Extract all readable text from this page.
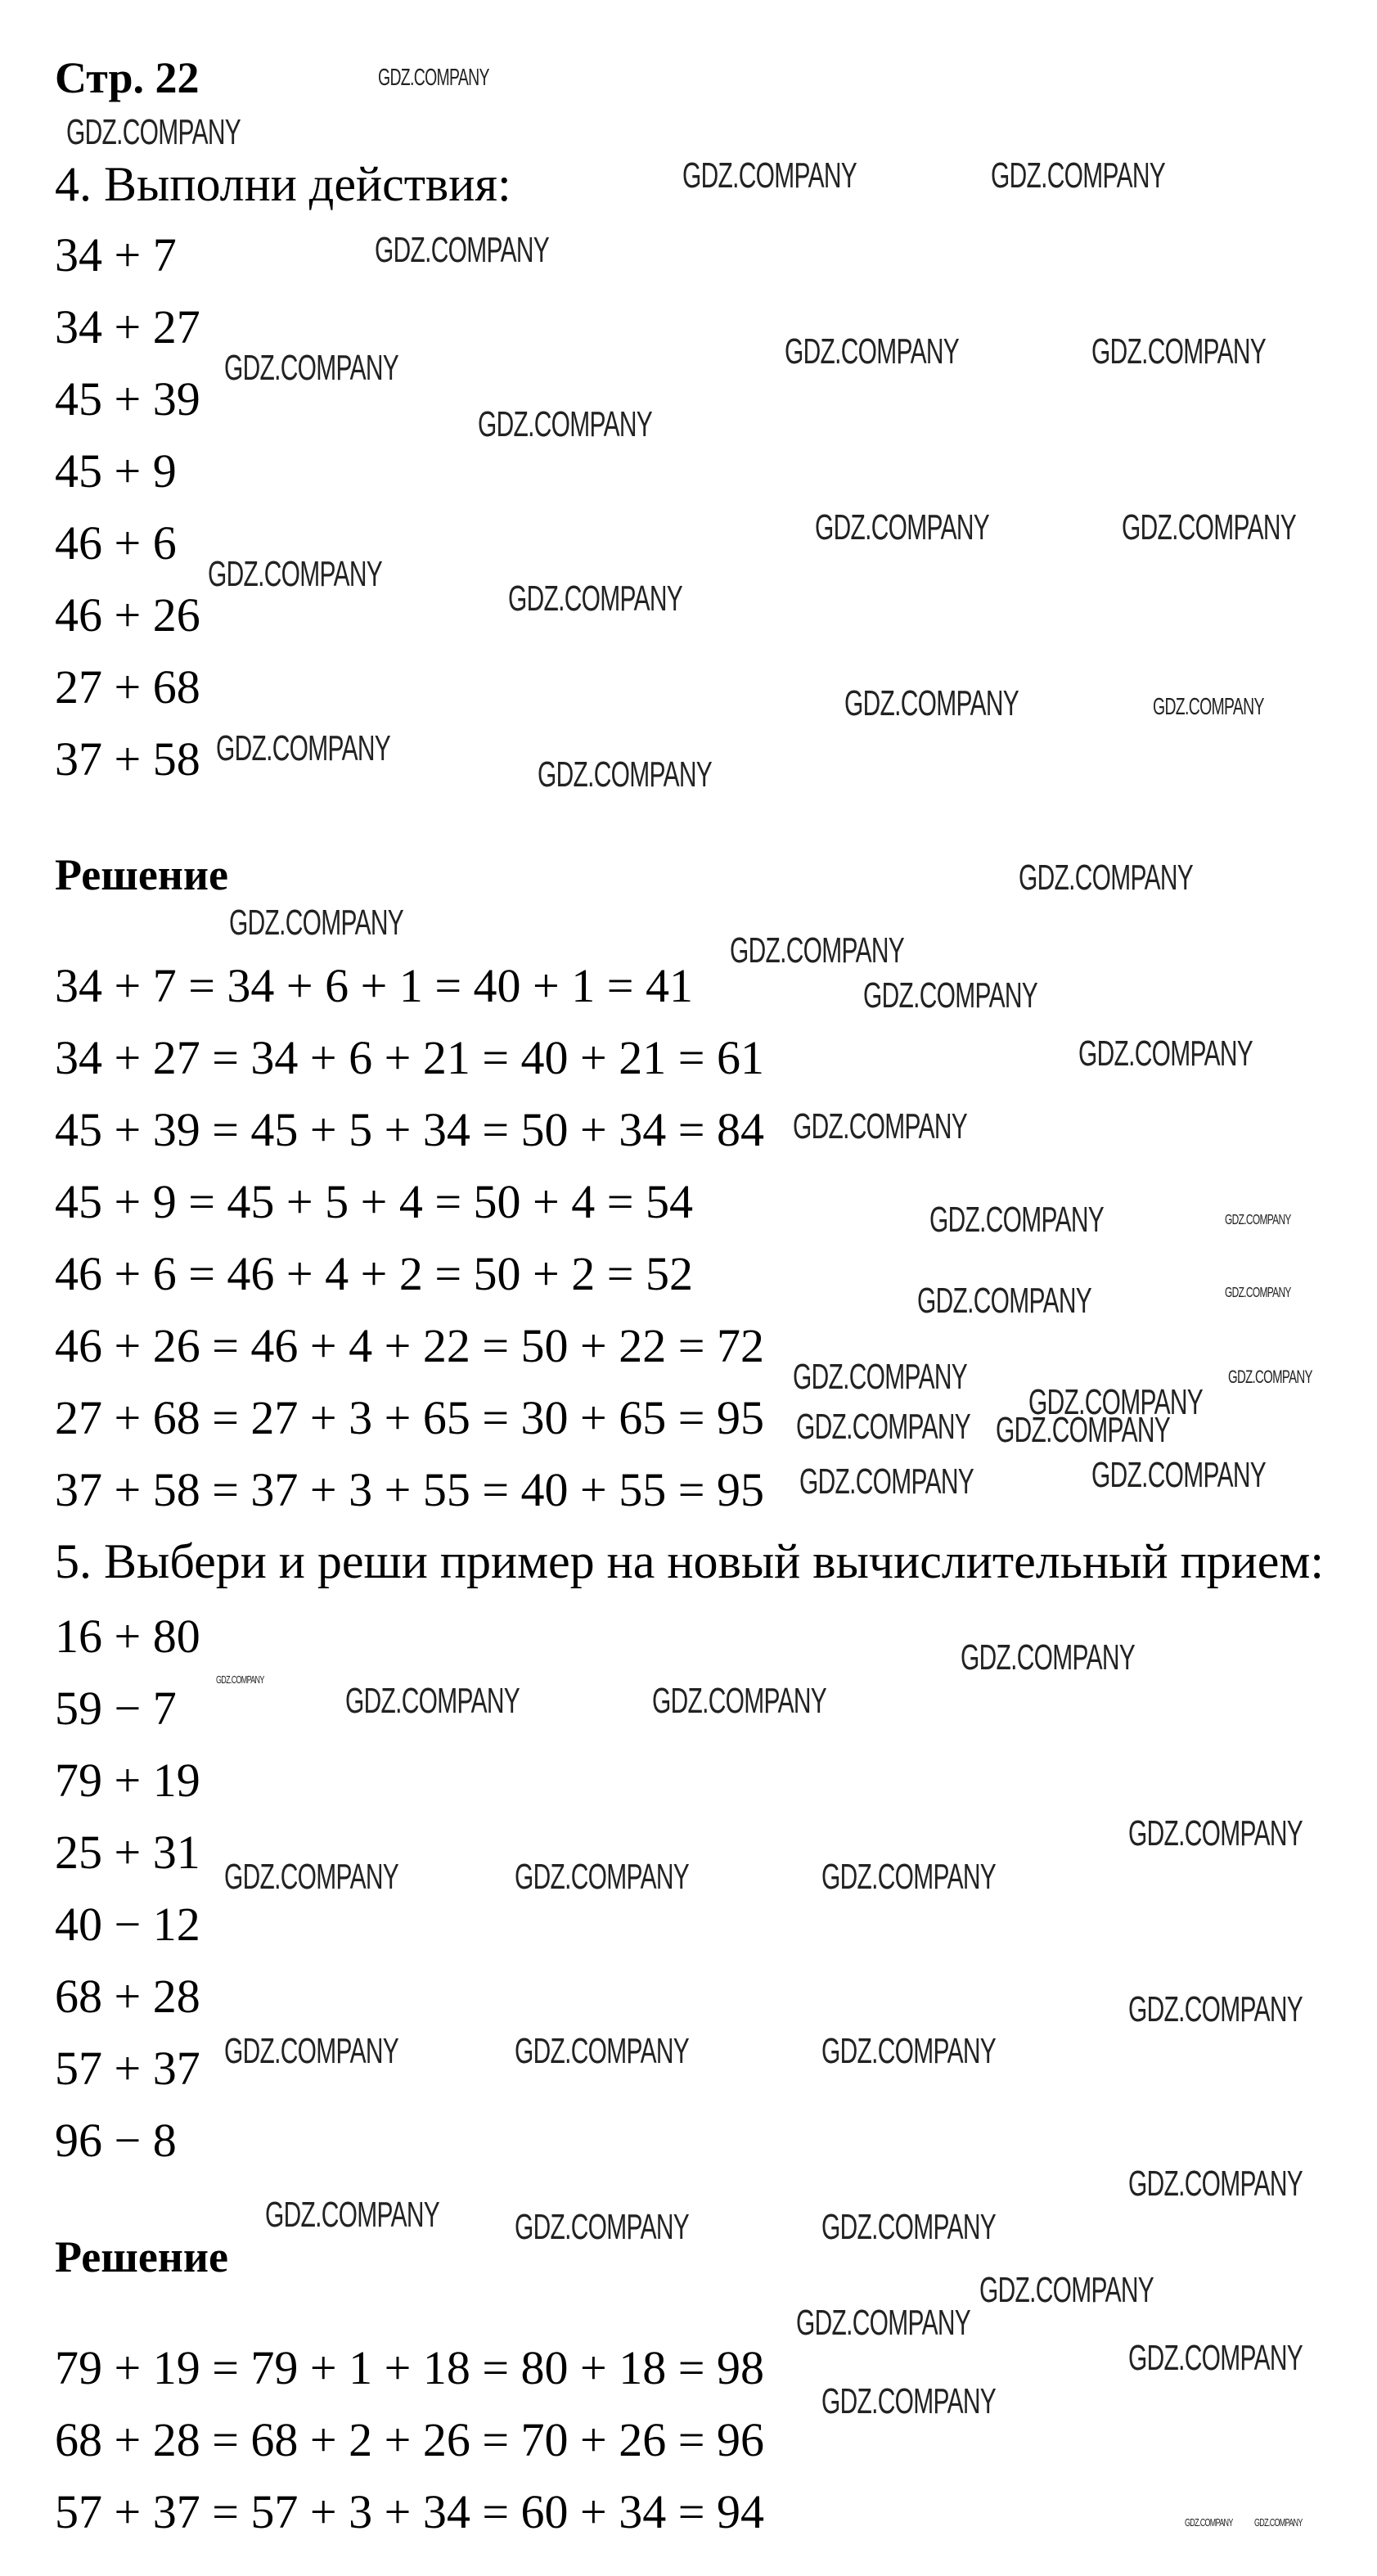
Стр. 22
4. Выполни действия:
34 + 7
34 + 27
45 + 39
45 + 9
46 + 6
46 + 26
27 + 68
37 + 58
Решение
34 + 7 = 34 + 6 + 1 = 40 + 1 = 41
34 + 27 = 34 + 6 + 21 = 40 + 21 = 61
45 + 39 = 45 + 5 + 34 = 50 + 34 = 84
45 + 9 = 45 + 5 + 4 = 50 + 4 = 54
46 + 6 = 46 + 4 + 2 = 50 + 2 = 52
46 + 26 = 46 + 4 + 22 = 50 + 22 = 72
27 + 68 = 27 + 3 + 65 = 30 + 65 = 95
37 + 58 = 37 + 3 + 55 = 40 + 55 = 95
5. Выбери и реши пример на новый вычислительный прием:
16 + 80
59 − 7
79 + 19
25 + 31
40 − 12
68 + 28
57 + 37
96 − 8
Решение
79 + 19 = 79 + 1 + 18 = 80 + 18 = 98
68 + 28 = 68 + 2 + 26 = 70 + 26 = 96
57 + 37 = 57 + 3 + 34 = 60 + 34 = 94
GDZ.COMPANY
GDZ.COMPANY
GDZ.COMPANY	GDZ.COMPANY
GDZ.COMPANY
GDZ.COMPANY	GDZ.COMPANY
GDZ.COMPANY
GDZ.COMPANY
GDZ.COMPANY	GDZ.COMPANY
GDZ.COMPANY
GDZ.COMPANY
GDZ.COMPANY	GDZ.COMPANY
GDZ.COMPANY
GDZ.COMPANY
GDZ.COMPANY
GDZ.COMPANY
GDZ.COMPANY
GDZ.COMPANY
GDZ.COMPANY
GDZ.COMPANY
GDZ.COMPANY
GDZ.COMPANY
GDZ.COMPANY
GDZ.COMPANY
GDZ.COMPANY
GDZ.COMPANY
GDZ.COMPANY
GDZ.COMPANY	GDZ.COMPANY
GDZ.COMPANY GDZ.COMPANY
GDZ.COMPANY
GDZ.COMPANY
GDZ.COMPANY	GDZ.COMPANY
GDZ.COMPANY
GDZ.COMPANY	GDZ.COMPANY	GDZ.COMPANY
GDZ.COMPANY
GDZ.COMPANY	GDZ.COMPANY	GDZ.COMPANY
GDZ.COMPANY
GDZ.COMPANY GDZ.COMPANY	GDZ.COMPANY
GDZ.COMPANY
GDZ.COMPANY
GDZ.COMPANY
GDZ.COMPANY
GDZ.COMPANY GDZ.COMPANY
